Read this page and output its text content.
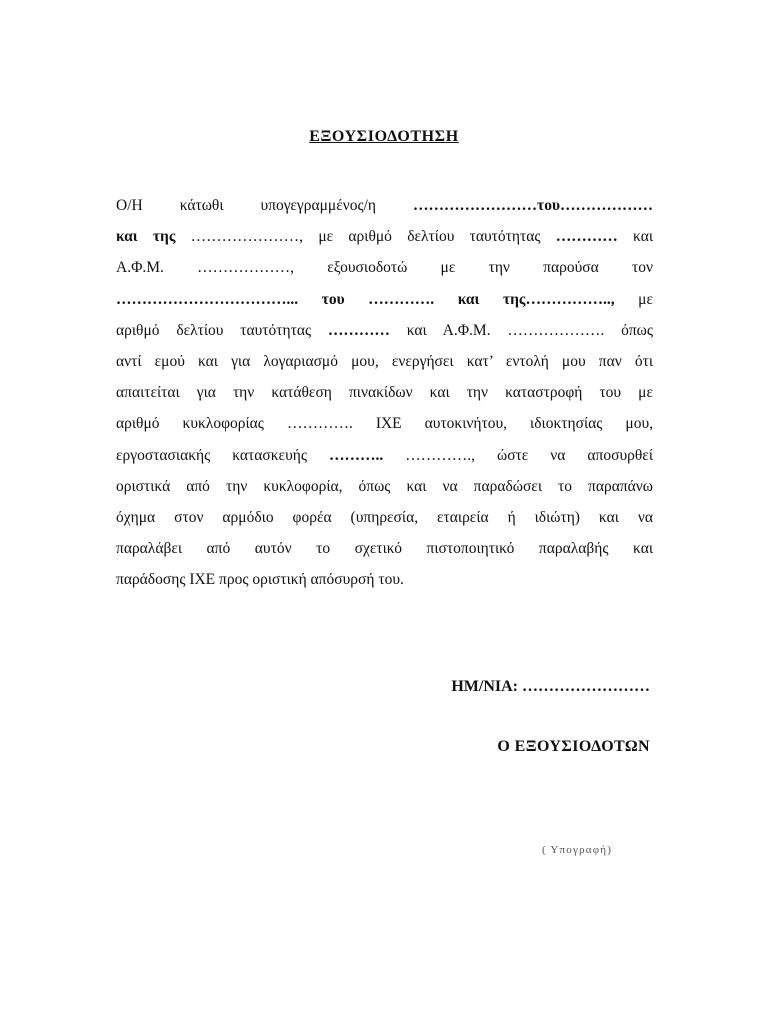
ΕΞΟΥΣΙΟΔΟΤΗΣΗ
Ο/Η κάτωθι υπογεγραμμένος/η ……………………του………………
και της …………………, με αριθμό δελτίου ταυτότητας ………… και
Α.Φ.Μ. ………………, εξουσιοδοτώ με την παρούσα τον
……………………………... του …………. και της…………….., με
αριθμό δελτίου ταυτότητας ………… και Α.Φ.Μ. ………………. όπως
αντί εμού και για λογαριασμό μου, ενεργήσει κατ’ εντολή μου παν ότι
απαιτείται για την κατάθεση πινακίδων και την καταστροφή του με
αριθμό κυκλοφορίας …………. ΙΧΕ αυτοκινήτου, ιδιοκτησίας μου,
εργοστασιακής κατασκευής ……….. …………., ώστε να αποσυρθεί
οριστικά από την κυκλοφορία, όπως και να παραδώσει το παραπάνω
όχημα στον αρμόδιο φορέα (υπηρεσία, εταιρεία ή ιδιώτη) και να
παραλάβει από αυτόν το σχετικό πιστοποιητικό παραλαβής και
παράδοσης ΙΧΕ προς οριστική απόσυρσή του.
ΗΜ/ΝΙΑ: ……………………
Ο ΕΞΟΥΣΙΟΔΟΤΩΝ
( Υπογραφή)
